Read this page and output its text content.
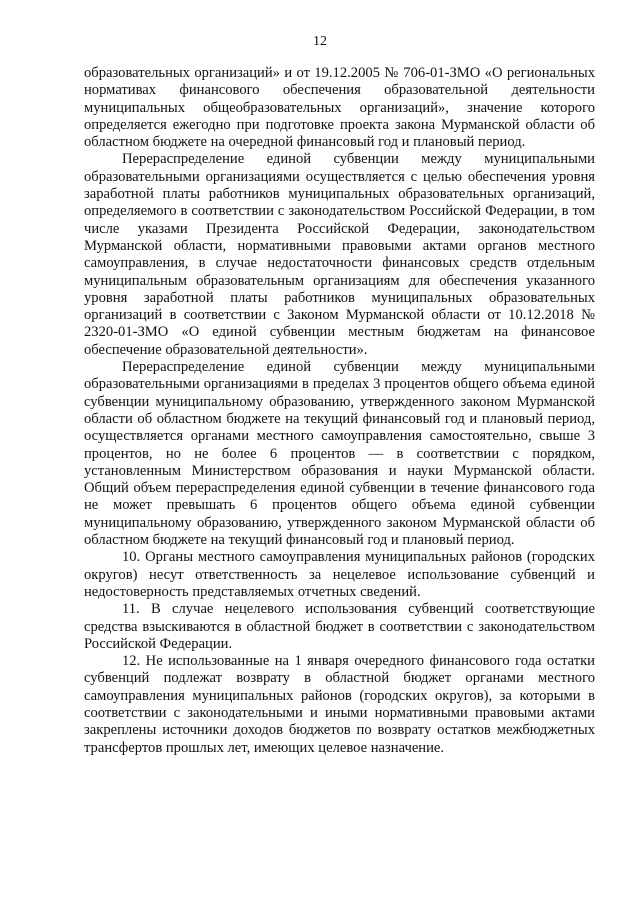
12

образовательных организаций» и от 19.12.2005 № 706-01-ЗМО «О региональных нормативах финансового обеспечения образовательной деятельности муниципальных общеобразовательных организаций», значение которого определяется ежегодно при подготовке проекта закона Мурманской области об областном бюджете на очередной финансовый год и плановый период.

Перераспределение единой субвенции между муниципальными образовательными организациями осуществляется с целью обеспечения уровня заработной платы работников муниципальных образовательных организаций, определяемого в соответствии с законодательством Российской Федерации, в том числе указами Президента Российской Федерации, законодательством Мурманской области, нормативными правовыми актами органов местного самоуправления, в случае недостаточности финансовых средств отдельным муниципальным образовательным организациям для обеспечения указанного уровня заработной платы работников муниципальных образовательных организаций в соответствии с Законом Мурманской области от 10.12.2018 № 2320-01-ЗМО «О единой субвенции местным бюджетам на финансовое обеспечение образовательной деятельности».

Перераспределение единой субвенции между муниципальными образовательными организациями в пределах 3 процентов общего объема единой субвенции муниципальному образованию, утвержденного законом Мурманской области об областном бюджете на текущий финансовый год и плановый период, осуществляется органами местного самоуправления самостоятельно, свыше 3 процентов, но не более 6 процентов — в соответствии с порядком, установленным Министерством образования и науки Мурманской области. Общий объем перераспределения единой субвенции в течение финансового года не может превышать 6 процентов общего объема единой субвенции муниципальному образованию, утвержденного законом Мурманской области об областном бюджете на текущий финансовый год и плановый период.

10. Органы местного самоуправления муниципальных районов (городских округов) несут ответственность за нецелевое использование субвенций и недостоверность представляемых отчетных сведений.

11. В случае нецелевого использования субвенций соответствующие средства взыскиваются в областной бюджет в соответствии с законодательством Российской Федерации.

12. Не использованные на 1 января очередного финансового года остатки субвенций подлежат возврату в областной бюджет органами местного самоуправления муниципальных районов (городских округов), за которыми в соответствии с законодательными и иными нормативными правовыми актами закреплены источники доходов бюджетов по возврату остатков межбюджетных трансфертов прошлых лет, имеющих целевое назначение.
